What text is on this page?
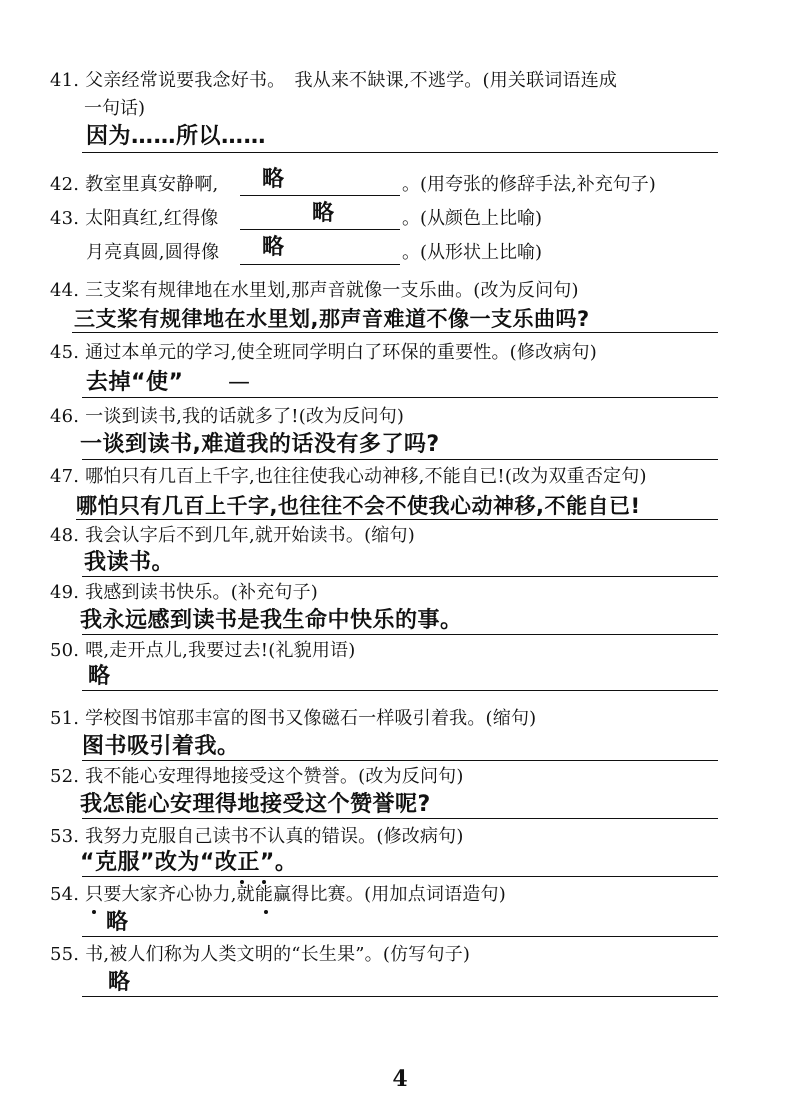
41. 父亲经常说要我念好书。　我从来不缺课,不逃学。(用关联词语连成
一句话)
因为……所以……
42. 教室里真安静啊, 略	。(用夸张的修辞手法,补充句子)
43. 太阳真红,红得像	略	。(从颜色上比喻)
月亮真圆,圆得像 略	。(从形状上比喻)
44. 三支桨有规律地在水里划,那声音就像一支乐曲。(改为反问句)
三支桨有规律地在水里划,那声音难道不像一支乐曲吗?
45. 通过本单元的学习,使全班同学明白了环保的重要性。(修改病句)
去掉“使” —
46. 一谈到读书,我的话就多了!(改为反问句)
一谈到读书,难道我的话没有多了吗?
47. 哪怕只有几百上千字,也往往使我心动神移,不能自已!(改为双重否定句)
哪怕只有几百上千字,也往往不会不使我心动神移,不能自已!
48. 我会认字后不到几年,就开始读书。(缩句)
我读书。
49. 我感到读书快乐。(补充句子)
我永远感到读书是我生命中快乐的事。
50. 喂,走开点儿,我要过去!(礼貌用语)
略
51. 学校图书馆那丰富的图书又像磁石一样吸引着我。(缩句)
图书吸引着我。
52. 我不能心安理得地接受这个赞誉。(改为反问句)
我怎能心安理得地接受这个赞誉呢?
53. 我努力克服自己读书不认真的错误。(修改病句)
“克服”改为“改正”。
54. 只要大家齐心协力,就能赢得比赛。(用加点词语造句)
略
55. 书,被人们称为人类文明的“长生果”。(仿写句子)
略
4
